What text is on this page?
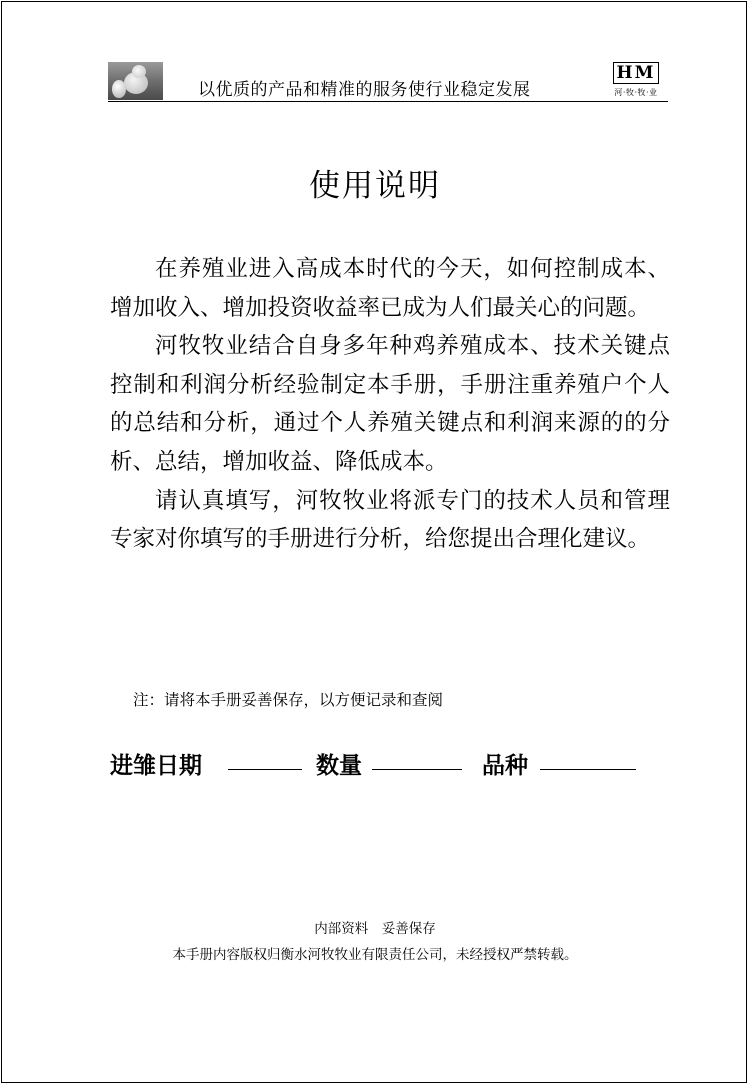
以优质的产品和精准的服务使行业稳定发展
HM
河·牧·牧·业
使用说明

在养殖业进入高成本时代的今天，如何控制成本、增加收入、增加投资收益率已成为人们最关心的问题。

河牧牧业结合自身多年种鸡养殖成本、技术关键点控制和利润分析经验制定本手册，手册注重养殖户个人的总结和分析，通过个人养殖关键点和利润来源的的分析、总结，增加收益、降低成本。

请认真填写，河牧牧业将派专门的技术人员和管理专家对你填写的手册进行分析，给您提出合理化建议。

注：请将本手册妥善保存，以方便记录和查阅
进雏日期	数量	品种
内部资料　妥善保存
本手册内容版权归衡水河牧牧业有限责任公司，未经授权严禁转载。
